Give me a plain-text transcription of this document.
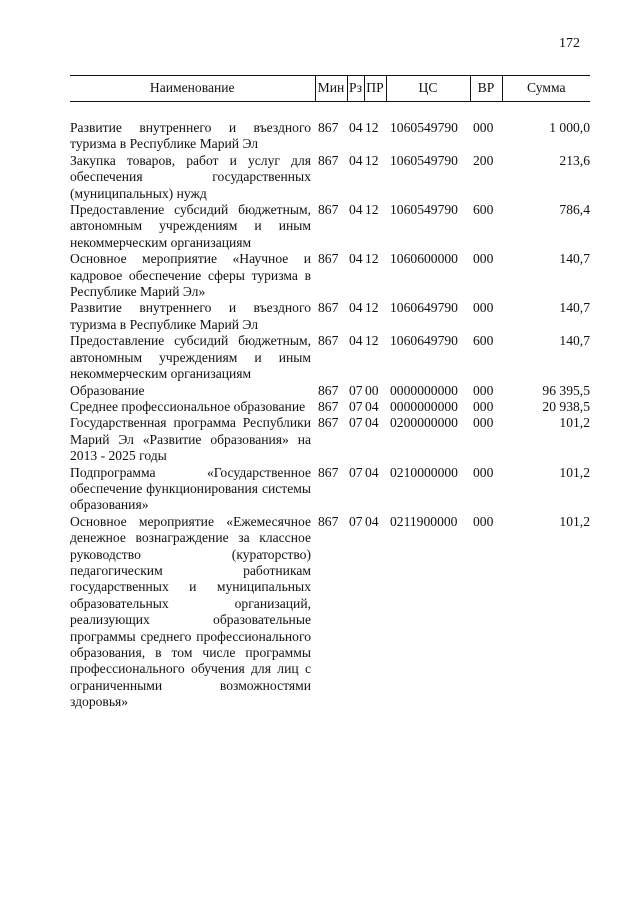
172
Наименование	Мин	Рз	ПР	ЦС	ВР	Сумма

Развитие внутреннего и въездного туризма в Республике Марий Эл	867	04	12	1060549790	000	1 000,0
Закупка товаров, работ и услуг для обеспечения государственных (муниципальных) нужд	867	04	12	1060549790	200	213,6
Предоставление субсидий бюджетным, автономным учреждениям и иным некоммерческим организациям	867	04	12	1060549790	600	786,4
Основное мероприятие «Научное и кадровое обеспечение сферы туризма в Республике Марий Эл»	867	04	12	1060600000	000	140,7
Развитие внутреннего и въездного туризма в Республике Марий Эл	867	04	12	1060649790	000	140,7
Предоставление субсидий бюджетным, автономным учреждениям и иным некоммерческим организациям	867	04	12	1060649790	600	140,7
Образование	867	07	00	0000000000	000	96 395,5
Среднее профессиональное образование	867	07	04	0000000000	000	20 938,5
Государственная программа Республики Марий Эл «Развитие образования» на 2013 - 2025 годы	867	07	04	0200000000	000	101,2
Подпрограмма «Государственное обеспечение функционирования системы образования»	867	07	04	0210000000	000	101,2
Основное мероприятие «Ежемесячное денежное вознаграждение за классное руководство (кураторство) педагогическим работникам государственных и муниципальных образовательных организаций, реализующих образовательные программы среднего профессионального образования, в том числе программы профессионального обучения для лиц с ограниченными возможностями здоровья»	867	07	04	0211900000	000	101,2
